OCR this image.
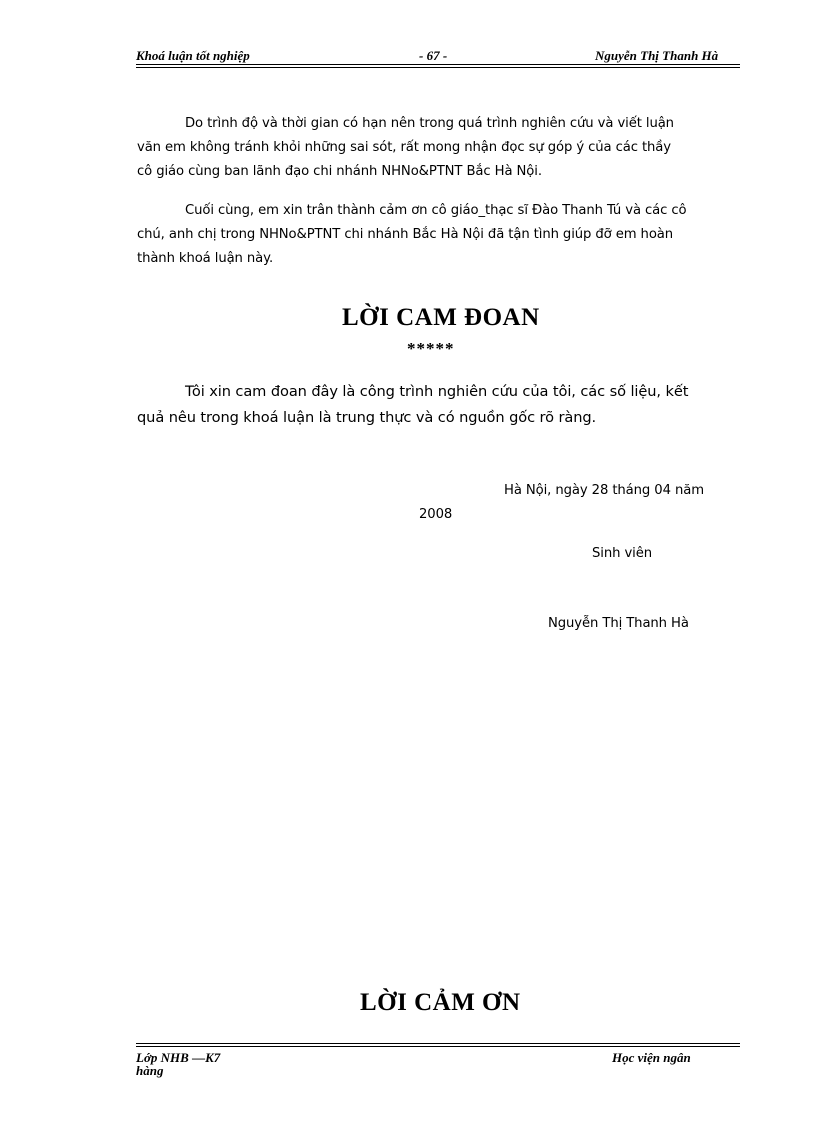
Khoá luận tốt nghiệp	- 67 -	Nguyễn Thị Thanh Hà
Do trình độ và thời gian có hạn nên trong quá trình nghiên cứu và viết luận
văn em không tránh khỏi những sai sót, rất mong nhận đọc sự góp ý của các thầy
cô giáo cùng ban lãnh đạo chi nhánh NHNo&PTNT Bắc Hà Nội.
Cuối cùng, em xin trân thành cảm ơn cô giáo_thạc sĩ Đào Thanh Tú và các cô
chú, anh chị trong NHNo&PTNT chi nhánh Bắc Hà Nội đã tận tình giúp đỡ em hoàn
thành khoá luận này.
LỜI CAM ĐOAN
*****
Tôi xin cam đoan đây là công trình nghiên cứu của tôi, các số liệu, kết
quả nêu trong khoá luận là trung thực và có nguồn gốc rõ ràng.
Hà Nội, ngày 28 tháng 04 năm
2008
Sinh viên
Nguyễn Thị Thanh Hà
LỜI CẢM ƠN
Lớp NHB —K7
hàng
Học viện ngân
